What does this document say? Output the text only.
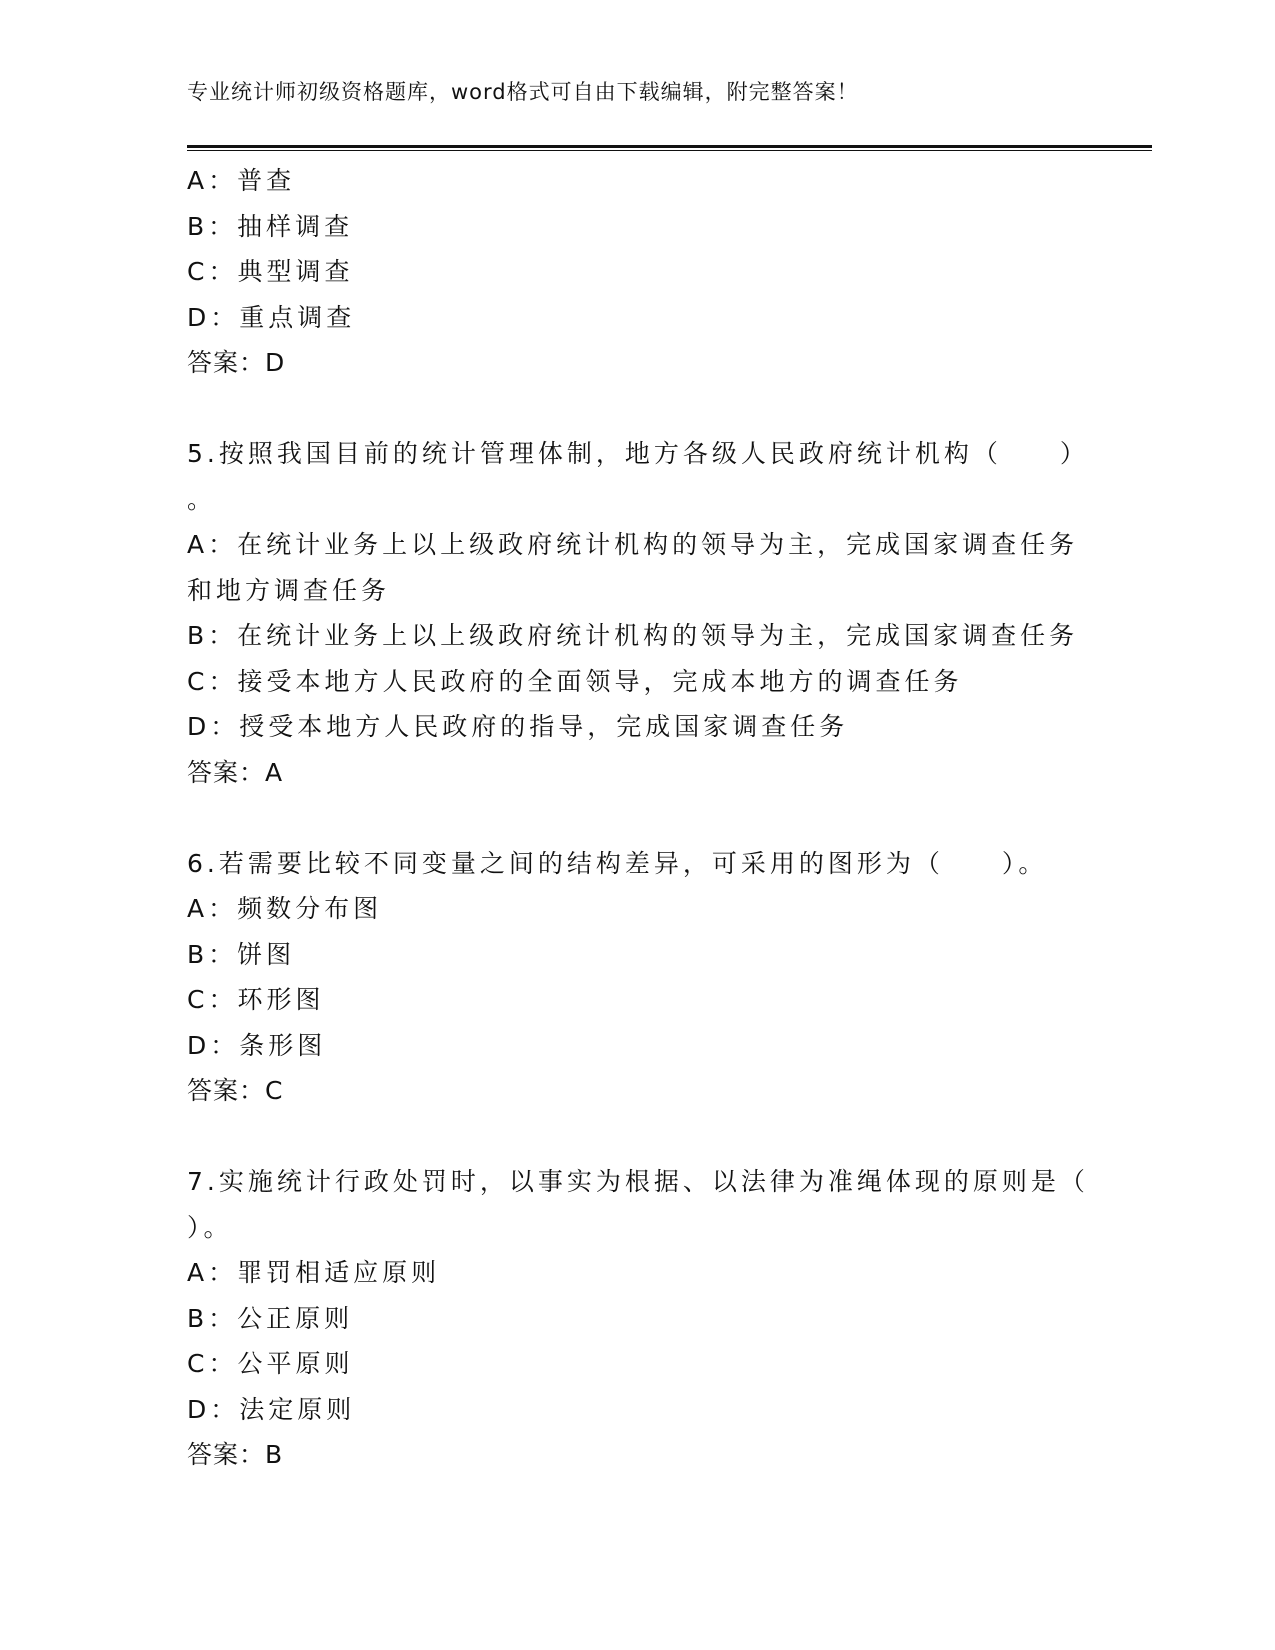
专业统计师初级资格题库，word格式可自由下载编辑，附完整答案！
A：普查
B：抽样调查
C：典型调查
D：重点调查
答案：D
5.按照我国目前的统计管理体制，地方各级人民政府统计机构（　　）
。
A：在统计业务上以上级政府统计机构的领导为主，完成国家调查任务
和地方调查任务
B：在统计业务上以上级政府统计机构的领导为主，完成国家调查任务
C：接受本地方人民政府的全面领导，完成本地方的调查任务
D：授受本地方人民政府的指导，完成国家调查任务
答案：A
6.若需要比较不同变量之间的结构差异，可采用的图形为（　　）。
A：频数分布图
B：饼图
C：环形图
D：条形图
答案：C
7.实施统计行政处罚时，以事实为根据、以法律为准绳体现的原则是（
）。
A：罪罚相适应原则
B：公正原则
C：公平原则
D：法定原则
答案：B
